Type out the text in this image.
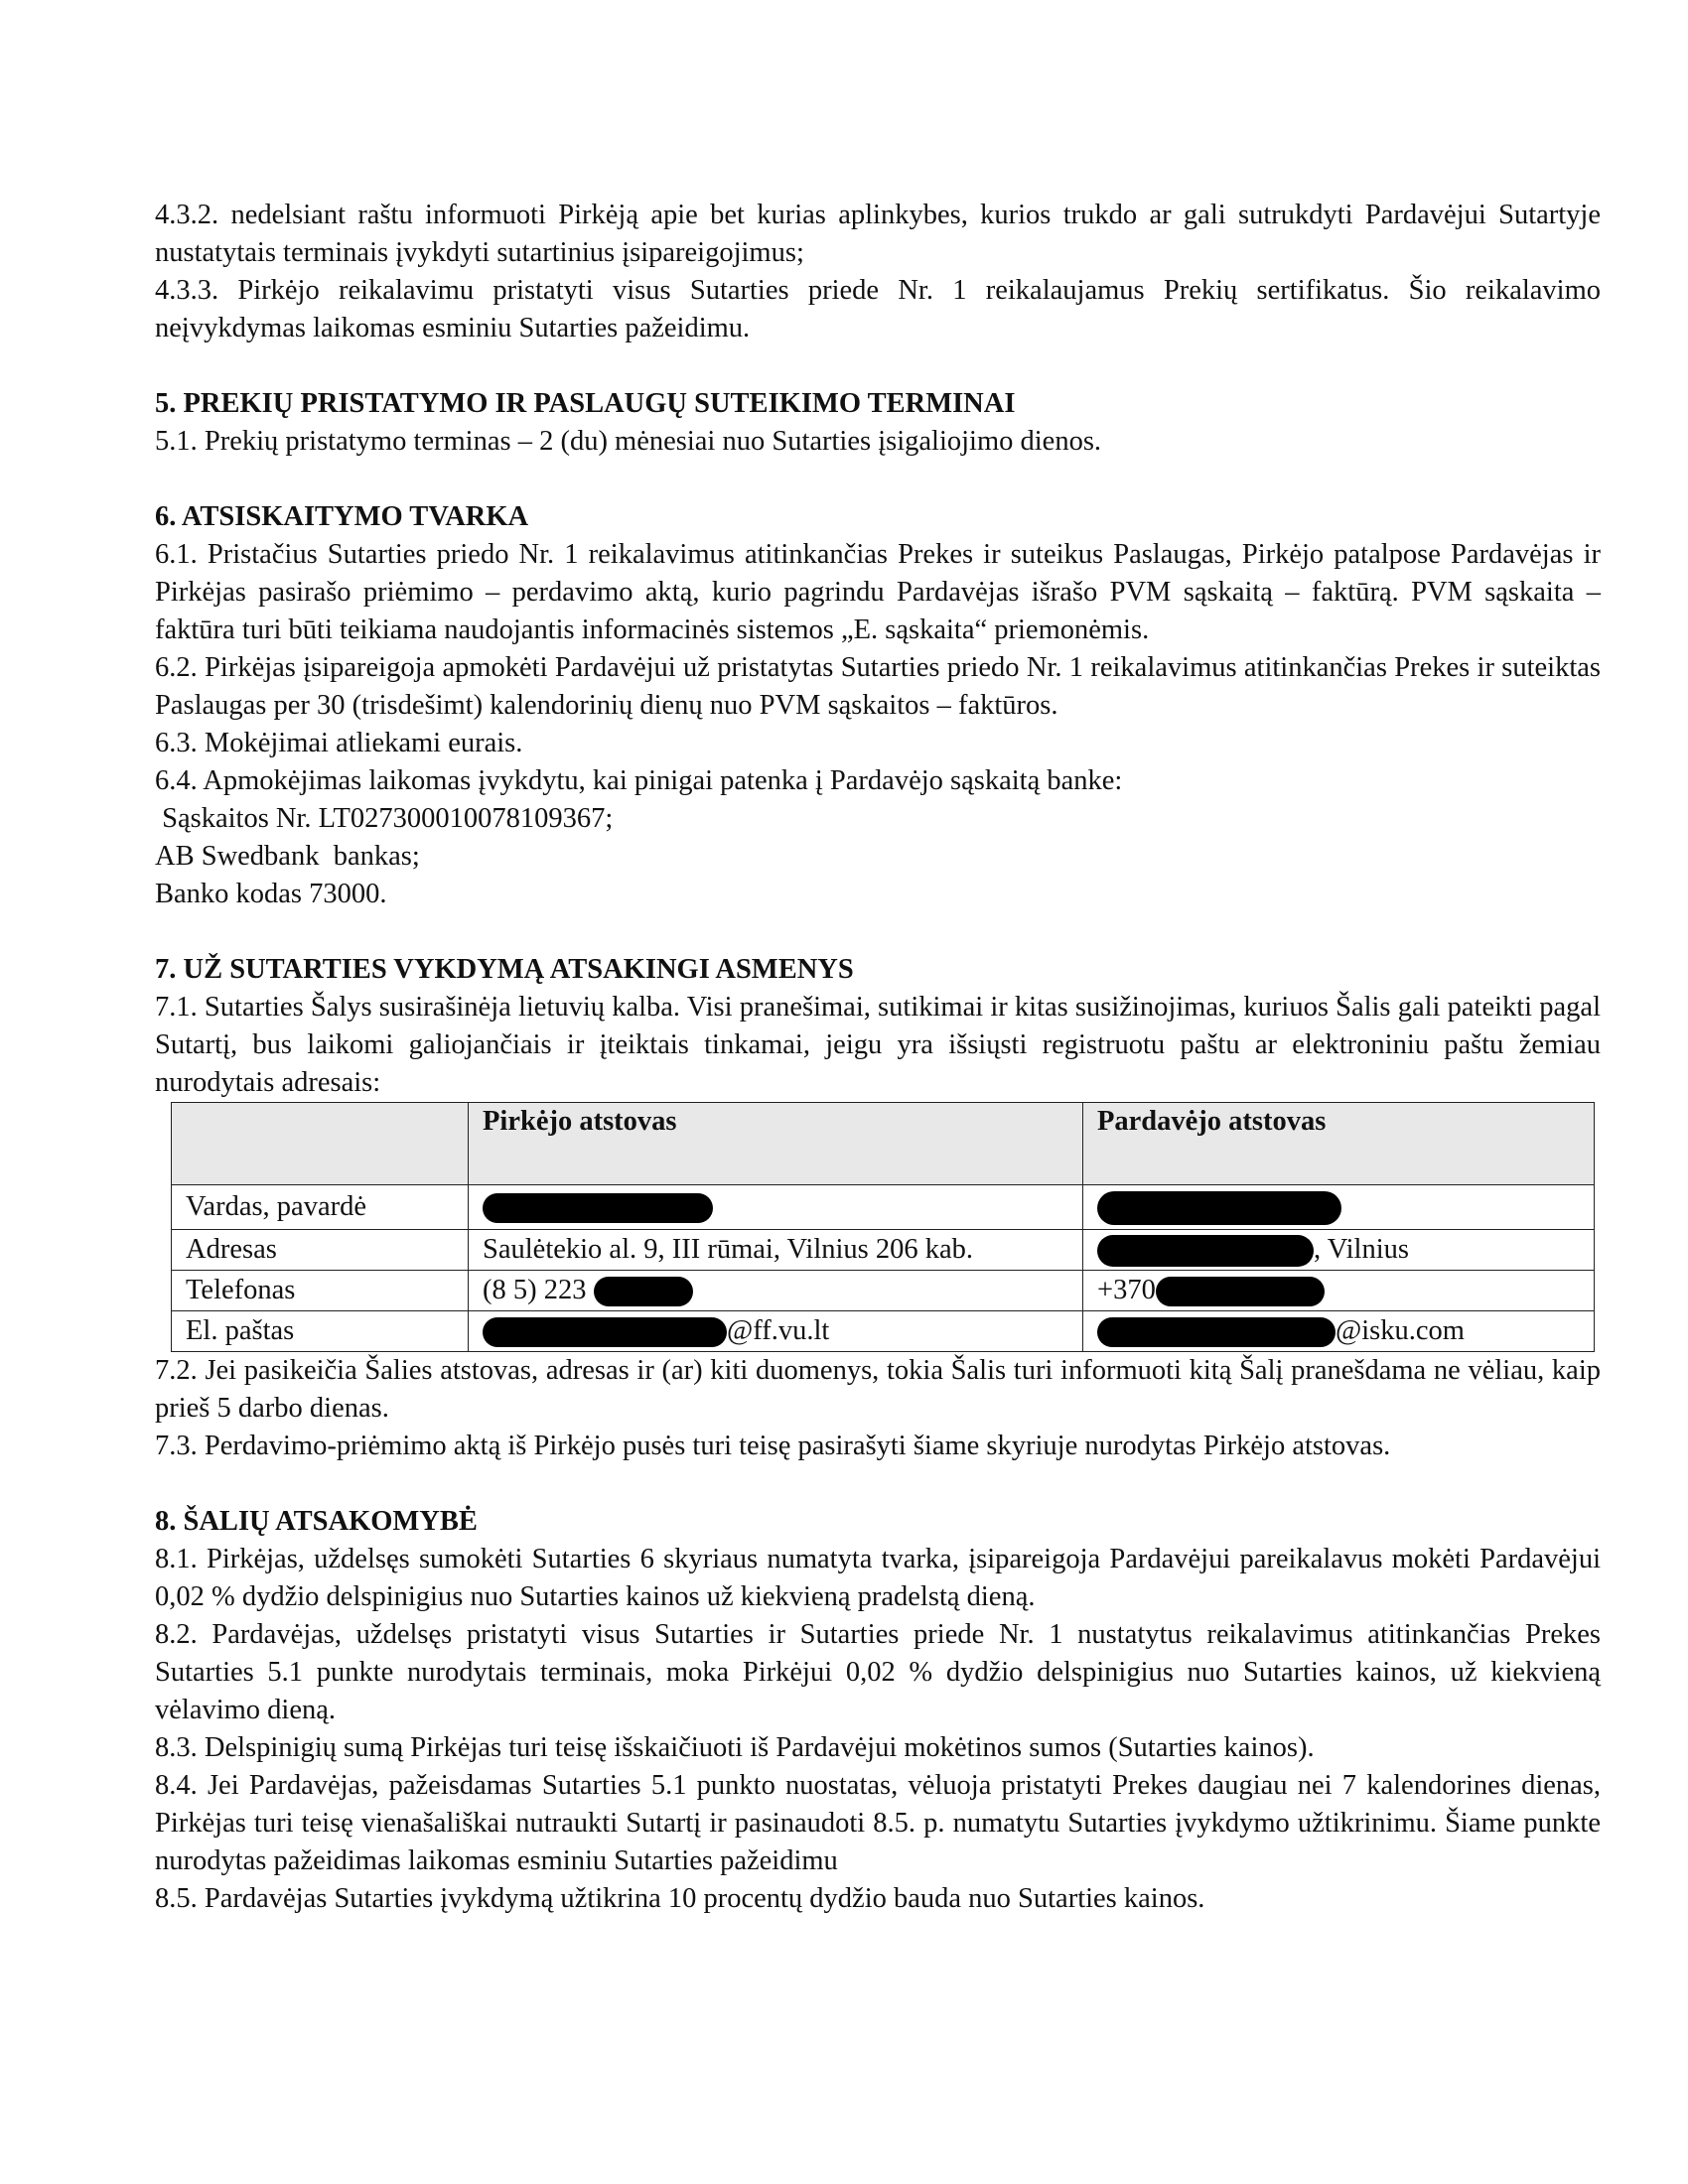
4.3.2. nedelsiant raštu informuoti Pirkėją apie bet kurias aplinkybes, kurios trukdo ar gali sutrukdyti Pardavėjui Sutartyje nustatytais terminais įvykdyti sutartinius įsipareigojimus;

4.3.3. Pirkėjo reikalavimu pristatyti visus Sutarties priede Nr. 1 reikalaujamus Prekių sertifikatus. Šio reikalavimo neįvykdymas laikomas esminiu Sutarties pažeidimu.

5. PREKIŲ PRISTATYMO IR PASLAUGŲ SUTEIKIMO TERMINAI

5.1. Prekių pristatymo terminas – 2 (du) mėnesiai nuo Sutarties įsigaliojimo dienos.

6. ATSISKAITYMO TVARKA

6.1. Pristačius Sutarties priedo Nr. 1 reikalavimus atitinkančias Prekes ir suteikus Paslaugas, Pirkėjo patalpose Pardavėjas ir Pirkėjas pasirašo priėmimo – perdavimo aktą, kurio pagrindu Pardavėjas išrašo PVM sąskaitą – faktūrą. PVM sąskaita – faktūra turi būti teikiama naudojantis informacinės sistemos „E. sąskaita“ priemonėmis.

6.2. Pirkėjas įsipareigoja apmokėti Pardavėjui už pristatytas Sutarties priedo Nr. 1 reikalavimus atitinkančias Prekes ir suteiktas Paslaugas per 30 (trisdešimt) kalendorinių dienų nuo PVM sąskaitos – faktūros.

6.3. Mokėjimai atliekami eurais.

6.4. Apmokėjimas laikomas įvykdytu, kai pinigai patenka į Pardavėjo sąskaitą banke:

Sąskaitos Nr. LT027300010078109367;

AB Swedbank  bankas;

Banko kodas 73000.

7. UŽ SUTARTIES VYKDYMĄ ATSAKINGI ASMENYS

7.1. Sutarties Šalys susirašinėja lietuvių kalba. Visi pranešimai, sutikimai ir kitas susižinojimas, kuriuos Šalis gali pateikti pagal Sutartį, bus laikomi galiojančiais ir įteiktais tinkamai, jeigu yra išsiųsti registruotu paštu ar elektroniniu paštu žemiau nurodytais adresais:

	Pirkėjo atstovas	Pardavėjo atstovas
Vardas, pavardė		
Adresas	Saulėtekio al. 9, III rūmai, Vilnius 206 kab.	, Vilnius
Telefonas	(8 5) 223	+370
El. paštas	@ff.vu.lt	@isku.com

7.2. Jei pasikeičia Šalies atstovas, adresas ir (ar) kiti duomenys, tokia Šalis turi informuoti kitą Šalį pranešdama ne vėliau, kaip prieš 5 darbo dienas.

7.3. Perdavimo-priėmimo aktą iš Pirkėjo pusės turi teisę pasirašyti šiame skyriuje nurodytas Pirkėjo atstovas.

8. ŠALIŲ ATSAKOMYBĖ

8.1. Pirkėjas, uždelsęs sumokėti Sutarties 6 skyriaus numatyta tvarka, įsipareigoja Pardavėjui pareikalavus mokėti Pardavėjui 0,02 % dydžio delspinigius nuo Sutarties kainos už kiekvieną pradelstą dieną.

8.2. Pardavėjas, uždelsęs pristatyti visus Sutarties ir Sutarties priede Nr. 1 nustatytus reikalavimus atitinkančias Prekes Sutarties 5.1 punkte nurodytais terminais, moka Pirkėjui 0,02 % dydžio delspinigius nuo Sutarties kainos, už kiekvieną vėlavimo dieną.

8.3. Delspinigių sumą Pirkėjas turi teisę išskaičiuoti iš Pardavėjui mokėtinos sumos (Sutarties kainos).

8.4. Jei Pardavėjas, pažeisdamas Sutarties 5.1 punkto nuostatas, vėluoja pristatyti Prekes daugiau nei 7 kalendorines dienas, Pirkėjas turi teisę vienašališkai nutraukti Sutartį ir pasinaudoti 8.5. p. numatytu Sutarties įvykdymo užtikrinimu. Šiame punkte nurodytas pažeidimas laikomas esminiu Sutarties pažeidimu

8.5. Pardavėjas Sutarties įvykdymą užtikrina 10 procentų dydžio bauda nuo Sutarties kainos.
